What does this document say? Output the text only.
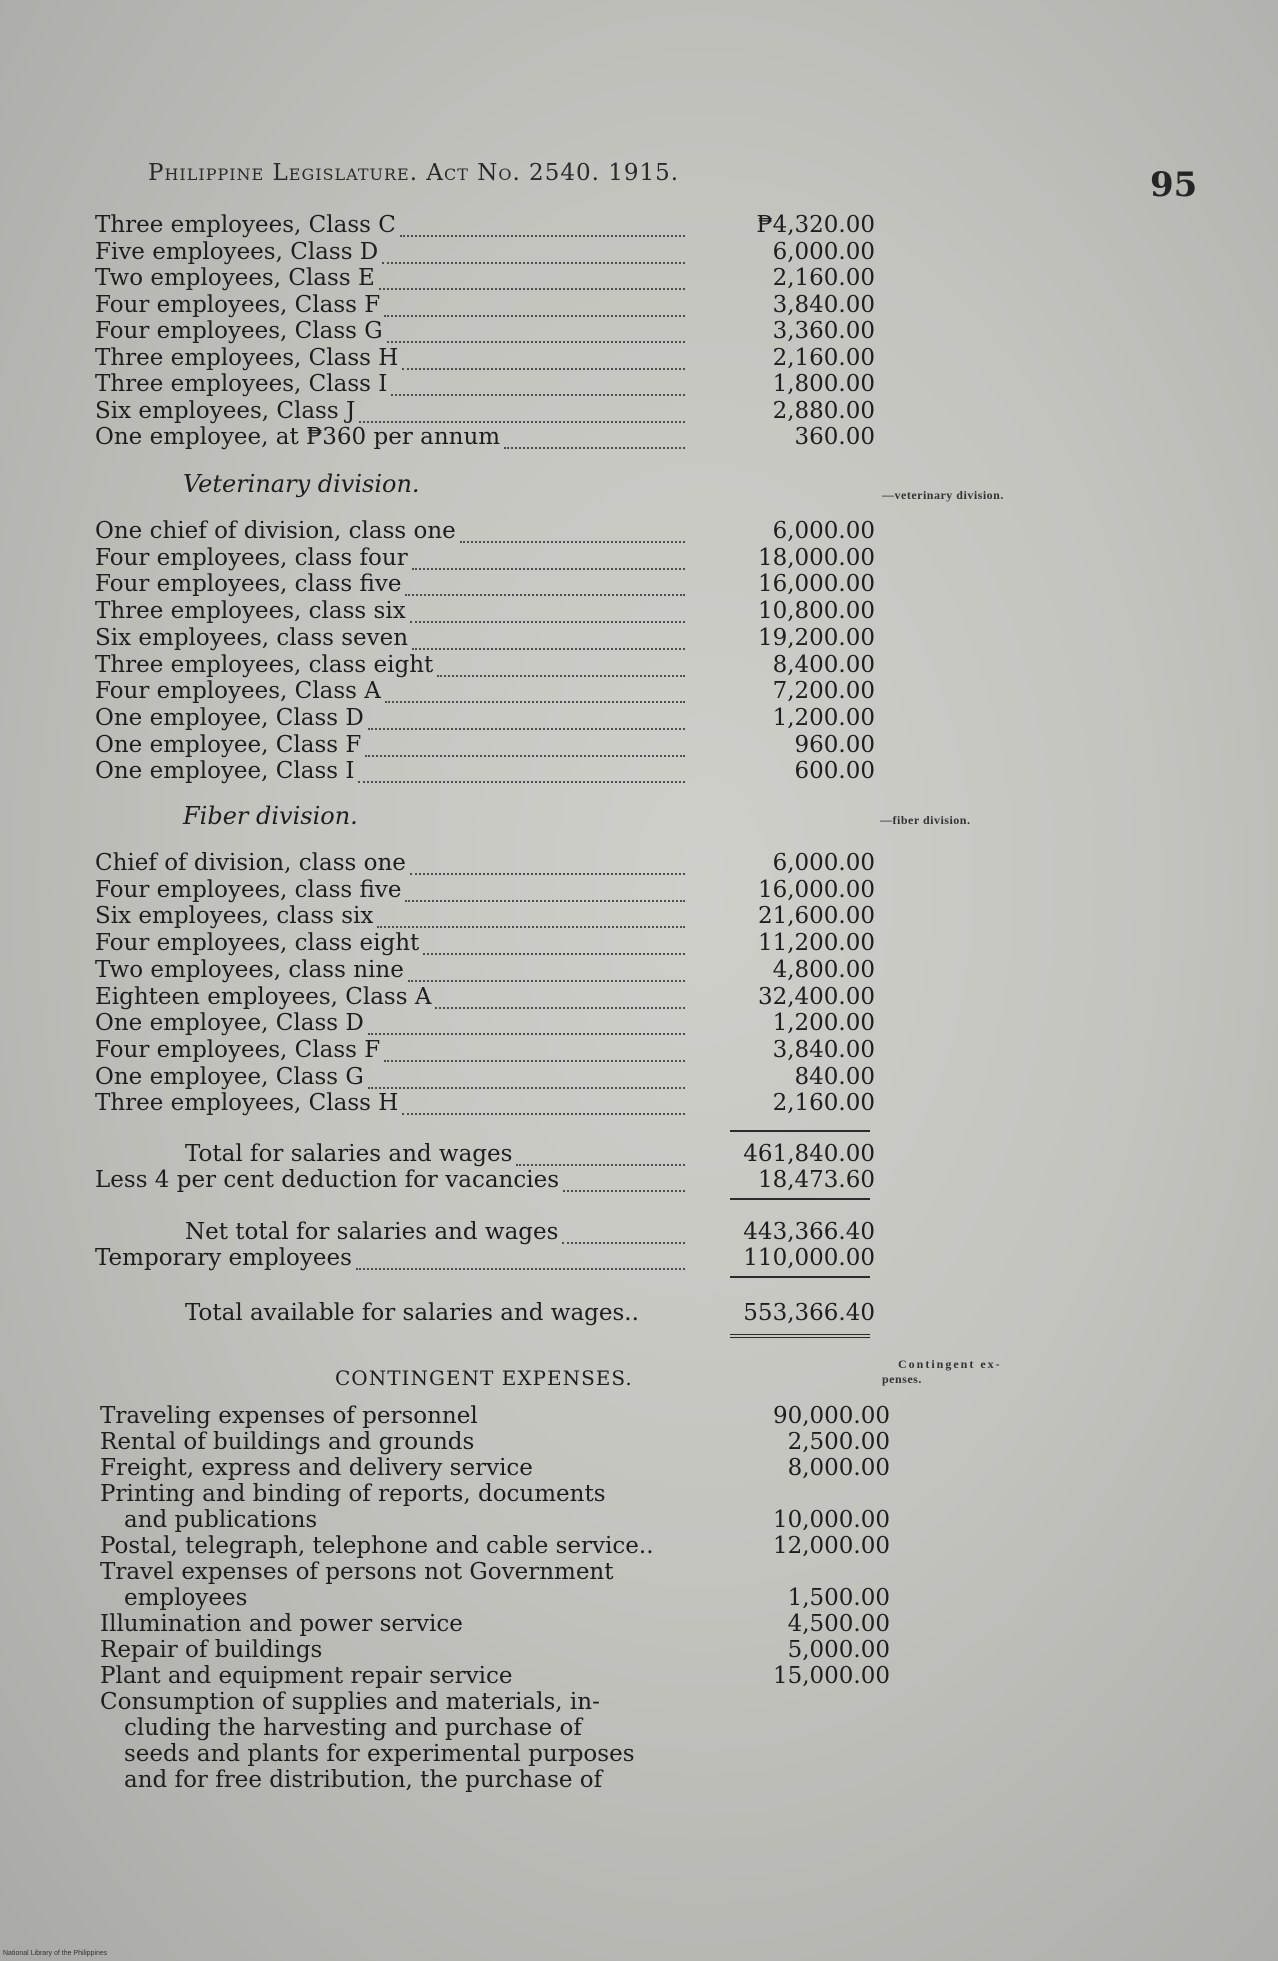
Philippine Legislature. Act No. 2540. 1915.	95
Three employees, Class C	₱4,320.00
Five employees, Class D	6,000.00
Two employees, Class E	2,160.00
Four employees, Class F	3,840.00
Four employees, Class G	3,360.00
Three employees, Class H	2,160.00
Three employees, Class I	1,800.00
Six employees, Class J	2,880.00
One employee, at ₱360 per annum	360.00
Veterinary division.
One chief of division, class one	6,000.00
Four employees, class four	18,000.00
Four employees, class five	16,000.00
Three employees, class six	10,800.00
Six employees, class seven	19,200.00
Three employees, class eight	8,400.00
Four employees, Class A	7,200.00
One employee, Class D	1,200.00
One employee, Class F	960.00
One employee, Class I	600.00
Fiber division.
Chief of division, class one	6,000.00
Four employees, class five	16,000.00
Six employees, class six	21,600.00
Four employees, class eight	11,200.00
Two employees, class nine	4,800.00
Eighteen employees, Class A	32,400.00
One employee, Class D	1,200.00
Four employees, Class F	3,840.00
One employee, Class G	840.00
Three employees, Class H	2,160.00
Total for salaries and wages	461,840.00
Less 4 per cent deduction for vacancies	18,473.60
Net total for salaries and wages	443,366.40
Temporary employees	110,000.00
Total available for salaries and wages..	553,366.40
—veterinary division.
—fiber division.
Contingent ex-
penses.
CONTINGENT EXPENSES.
Traveling expenses of personnel	90,000.00
Rental of buildings and grounds	2,500.00
Freight, express and delivery service	8,000.00
Printing and binding of reports, documents
and publications	10,000.00
Postal, telegraph, telephone and cable service..	12,000.00
Travel expenses of persons not Government
employees	1,500.00
Illumination and power service	4,500.00
Repair of buildings	5,000.00
Plant and equipment repair service	15,000.00
Consumption of supplies and materials, in-
cluding the harvesting and purchase of
seeds and plants for experimental purposes
and for free distribution, the purchase of
National Library of the Philippines
